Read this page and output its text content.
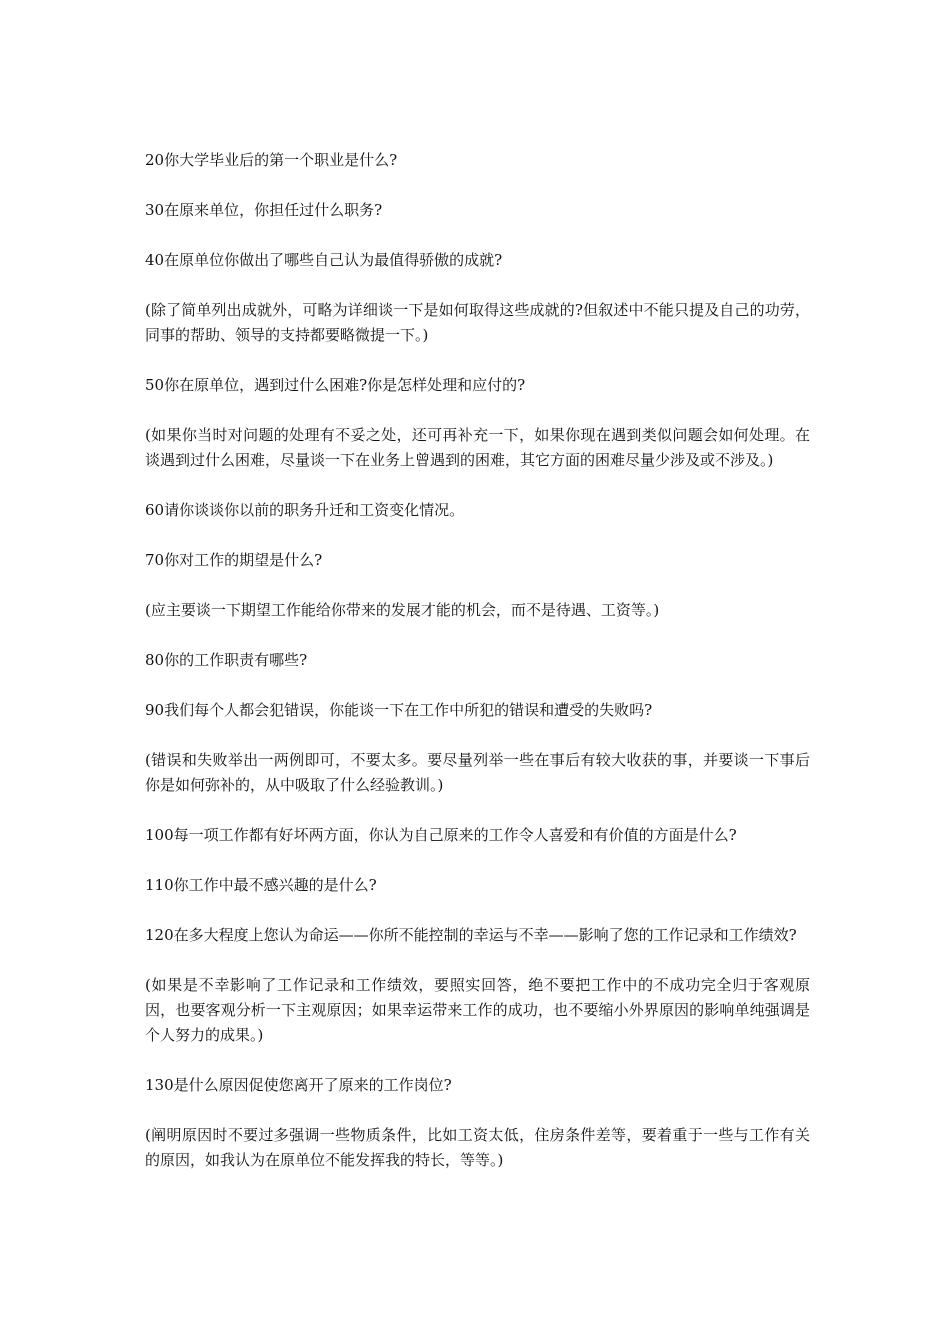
20你大学毕业后的第一个职业是什么?

30在原来单位，你担任过什么职务?

40在原单位你做出了哪些自己认为最值得骄傲的成就?

(除了简单列出成就外，可略为详细谈一下是如何取得这些成就的?但叙述中不能只提及自己的功劳，同事的帮助、领导的支持都要略微提一下。)

50你在原单位，遇到过什么困难?你是怎样处理和应付的?

(如果你当时对问题的处理有不妥之处，还可再补充一下，如果你现在遇到类似问题会如何处理。在谈遇到过什么困难，尽量谈一下在业务上曾遇到的困难，其它方面的困难尽量少涉及或不涉及。)

60请你谈谈你以前的职务升迁和工资变化情况。

70你对工作的期望是什么?

(应主要谈一下期望工作能给你带来的发展才能的机会，而不是待遇、工资等。)

80你的工作职责有哪些?

90我们每个人都会犯错误，你能谈一下在工作中所犯的错误和遭受的失败吗?

(错误和失败举出一两例即可，不要太多。要尽量列举一些在事后有较大收获的事，并要谈一下事后你是如何弥补的，从中吸取了什么经验教训。)

100每一项工作都有好坏两方面，你认为自己原来的工作令人喜爱和有价值的方面是什么?

110你工作中最不感兴趣的是什么?

120在多大程度上您认为命运——你所不能控制的幸运与不幸——影响了您的工作记录和工作绩效?

(如果是不幸影响了工作记录和工作绩效，要照实回答，绝不要把工作中的不成功完全归于客观原因，也要客观分析一下主观原因；如果幸运带来工作的成功，也不要缩小外界原因的影响单纯强调是个人努力的成果。)

130是什么原因促使您离开了原来的工作岗位?

(阐明原因时不要过多强调一些物质条件，比如工资太低，住房条件差等，要着重于一些与工作有关的原因，如我认为在原单位不能发挥我的特长，等等。)
